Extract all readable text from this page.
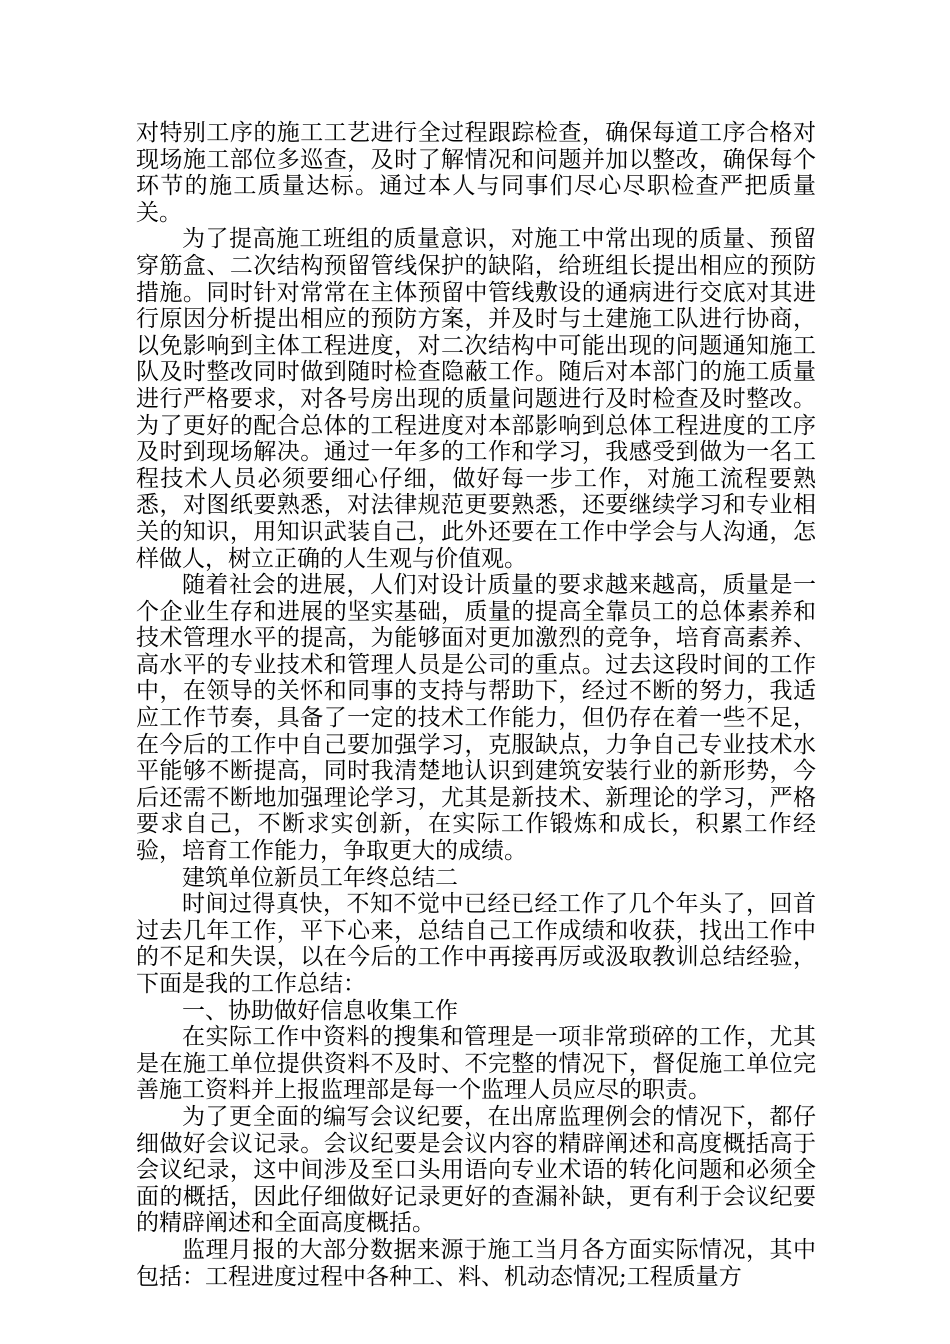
对特别工序的施工工艺进行全过程跟踪检查，确保每道工序合格对现场施工部位多巡查，及时了解情况和问题并加以整改，确保每个环节的施工质量达标。通过本人与同事们尽心尽职检查严把质量关。

为了提高施工班组的质量意识，对施工中常出现的质量、预留穿筋盒、二次结构预留管线保护的缺陷，给班组长提出相应的预防措施。同时针对常常在主体预留中管线敷设的通病进行交底对其进行原因分析提出相应的预防方案，并及时与土建施工队进行协商，以免影响到主体工程进度，对二次结构中可能出现的问题通知施工队及时整改同时做到随时检查隐蔽工作。随后对本部门的施工质量进行严格要求，对各号房出现的质量问题进行及时检查及时整改。为了更好的配合总体的工程进度对本部影响到总体工程进度的工序及时到现场解决。通过一年多的工作和学习，我感受到做为一名工程技术人员必须要细心仔细，做好每一步工作，对施工流程要熟悉，对图纸要熟悉，对法律规范更要熟悉，还要继续学习和专业相关的知识，用知识武装自己，此外还要在工作中学会与人沟通，怎样做人，树立正确的人生观与价值观。

随着社会的进展，人们对设计质量的要求越来越高，质量是一个企业生存和进展的坚实基础，质量的提高全靠员工的总体素养和技术管理水平的提高，为能够面对更加激烈的竞争，培育高素养、高水平的专业技术和管理人员是公司的重点。过去这段时间的工作中，在领导的关怀和同事的支持与帮助下，经过不断的努力，我适应工作节奏，具备了一定的技术工作能力，但仍存在着一些不足，在今后的工作中自己要加强学习，克服缺点，力争自己专业技术水平能够不断提高，同时我清楚地认识到建筑安装行业的新形势，今后还需不断地加强理论学习，尤其是新技术、新理论的学习，严格要求自己，不断求实创新，在实际工作锻炼和成长，积累工作经验，培育工作能力，争取更大的成绩。

建筑单位新员工年终总结二

时间过得真快，不知不觉中已经已经工作了几个年头了，回首过去几年工作，平下心来，总结自己工作成绩和收获，找出工作中的不足和失误，以在今后的工作中再接再厉或汲取教训总结经验，下面是我的工作总结：

一、协助做好信息收集工作

在实际工作中资料的搜集和管理是一项非常琐碎的工作，尤其是在施工单位提供资料不及时、不完整的情况下，督促施工单位完善施工资料并上报监理部是每一个监理人员应尽的职责。

为了更全面的编写会议纪要，在出席监理例会的情况下，都仔细做好会议记录。会议纪要是会议内容的精辟阐述和高度概括高于会议纪录，这中间涉及至口头用语向专业术语的转化问题和必须全面的概括，因此仔细做好记录更好的查漏补缺，更有利于会议纪要的精辟阐述和全面高度概括。

监理月报的大部分数据来源于施工当月各方面实际情况，其中包括：工程进度过程中各种工、料、机动态情况;工程质量方
